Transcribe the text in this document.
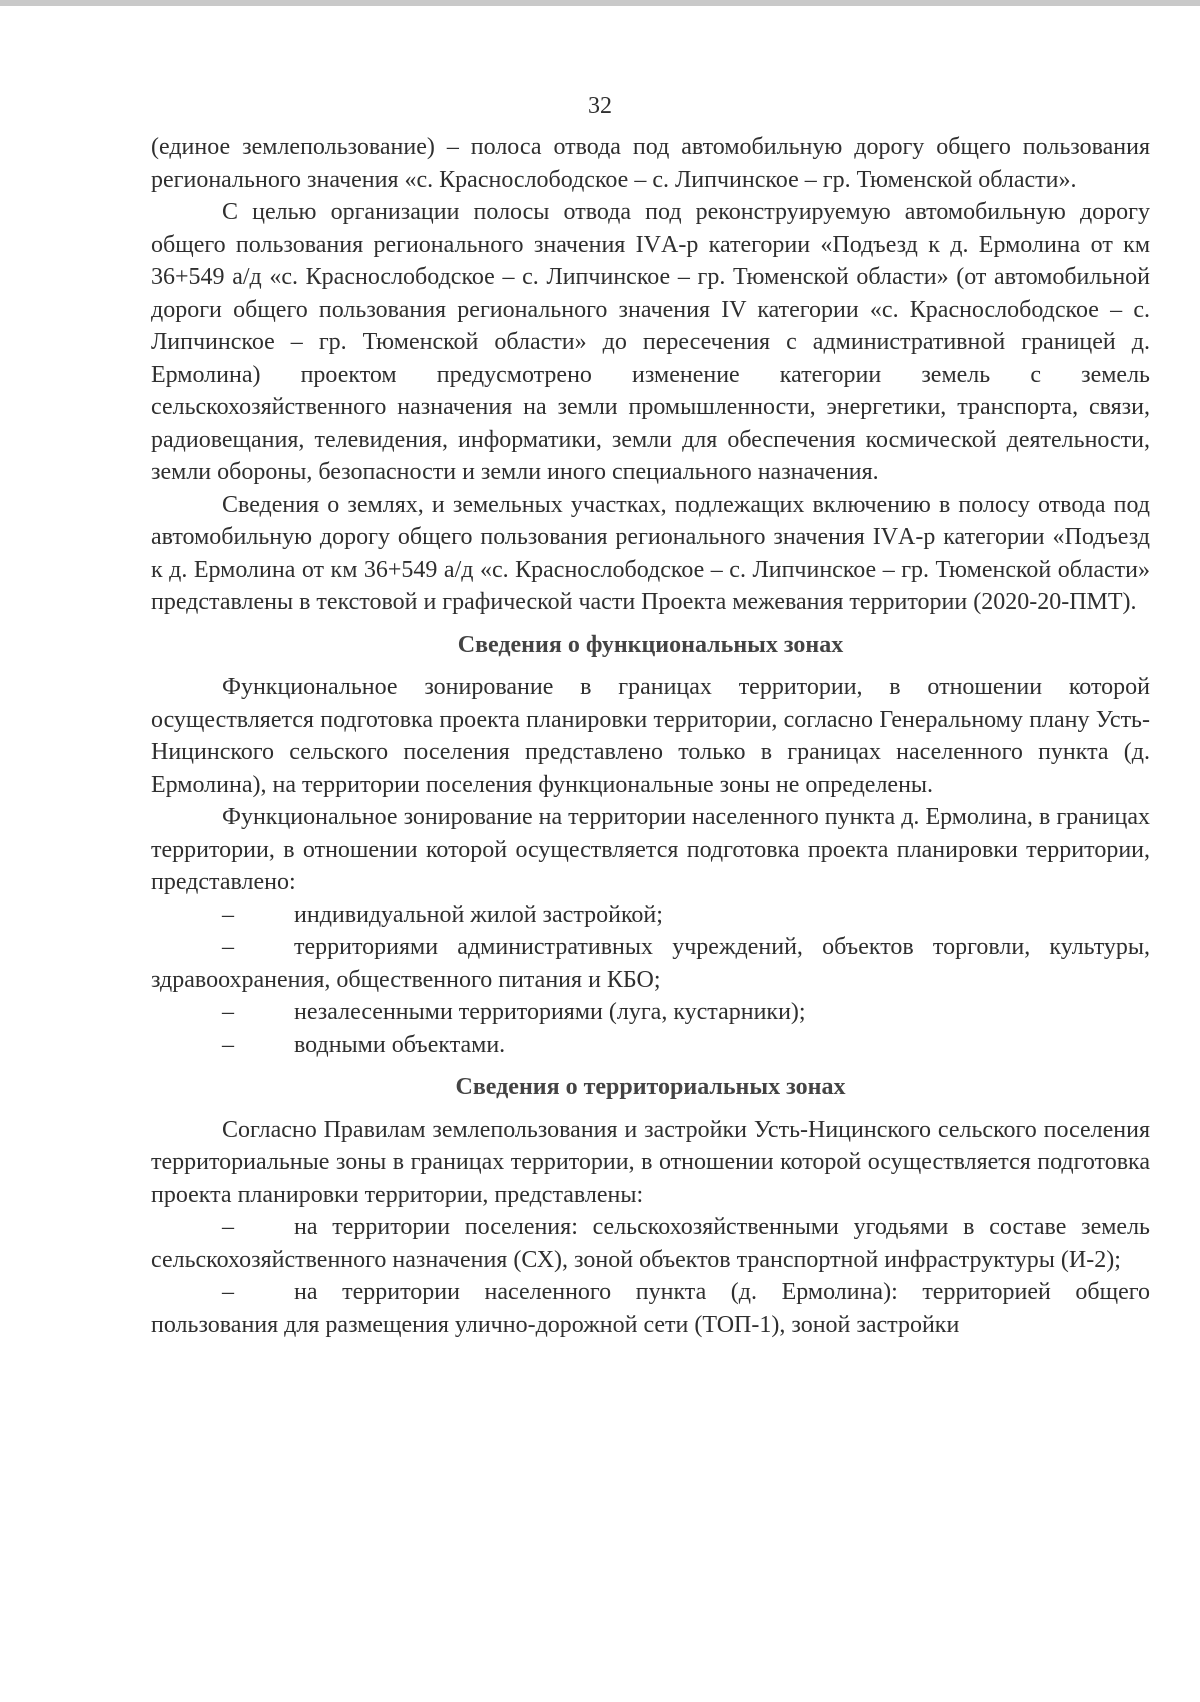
32

(единое землепользование) – полоса отвода под автомобильную дорогу общего пользования регионального значения «с. Краснослободское – с. Липчинское – гр. Тюменской области».

С целью организации полосы отвода под реконструируемую автомобильную дорогу общего пользования регионального значения IVА-р категории «Подъезд к д. Ермолина от км 36+549 а/д «с. Краснослободское – с. Липчинское – гр. Тюменской области» (от автомобильной дороги общего пользования регионального значения IV категории «с. Краснослободское – с. Липчинское – гр. Тюменской области» до пересечения с административной границей д. Ермолина) проектом предусмотрено изменение категории земель с земель сельскохозяйственного назначения на земли промышленности, энергетики, транспорта, связи, радиовещания, телевидения, информатики, земли для обеспечения космической деятельности, земли обороны, безопасности и земли иного специального назначения.

Сведения о землях, и земельных участках, подлежащих включению в полосу отвода под автомобильную дорогу общего пользования регионального значения IVА-р категории «Подъезд к д. Ермолина от км 36+549 а/д «с. Краснослободское – с. Липчинское – гр. Тюменской области» представлены в текстовой и графической части Проекта межевания территории (2020-20-ПМТ).

Сведения о функциональных зонах

Функциональное зонирование в границах территории, в отношении которой осуществляется подготовка проекта планировки территории, согласно Генеральному плану Усть-Ницинского сельского поселения представлено только в границах населенного пункта (д. Ермолина), на территории поселения функциональные зоны не определены.

Функциональное зонирование на территории населенного пункта д. Ермолина, в границах территории, в отношении которой осуществляется подготовка проекта планировки территории, представлено:

–	индивидуальной жилой застройкой;

–	территориями административных учреждений, объектов торговли, культуры, здравоохранения, общественного питания и КБО;

–	незалесенными территориями (луга, кустарники);

–	водными объектами.

Сведения о территориальных зонах

Согласно Правилам землепользования и застройки Усть-Ницинского сельского поселения территориальные зоны в границах территории, в отношении которой осуществляется подготовка проекта планировки территории, представлены:

–	на территории поселения: сельскохозяйственными угодьями в составе земель сельскохозяйственного назначения (СХ), зоной объектов транспортной инфраструктуры (И-2);

–	на территории населенного пункта (д. Ермолина): территорией общего пользования для размещения улично-дорожной сети (ТОП-1), зоной застройки
